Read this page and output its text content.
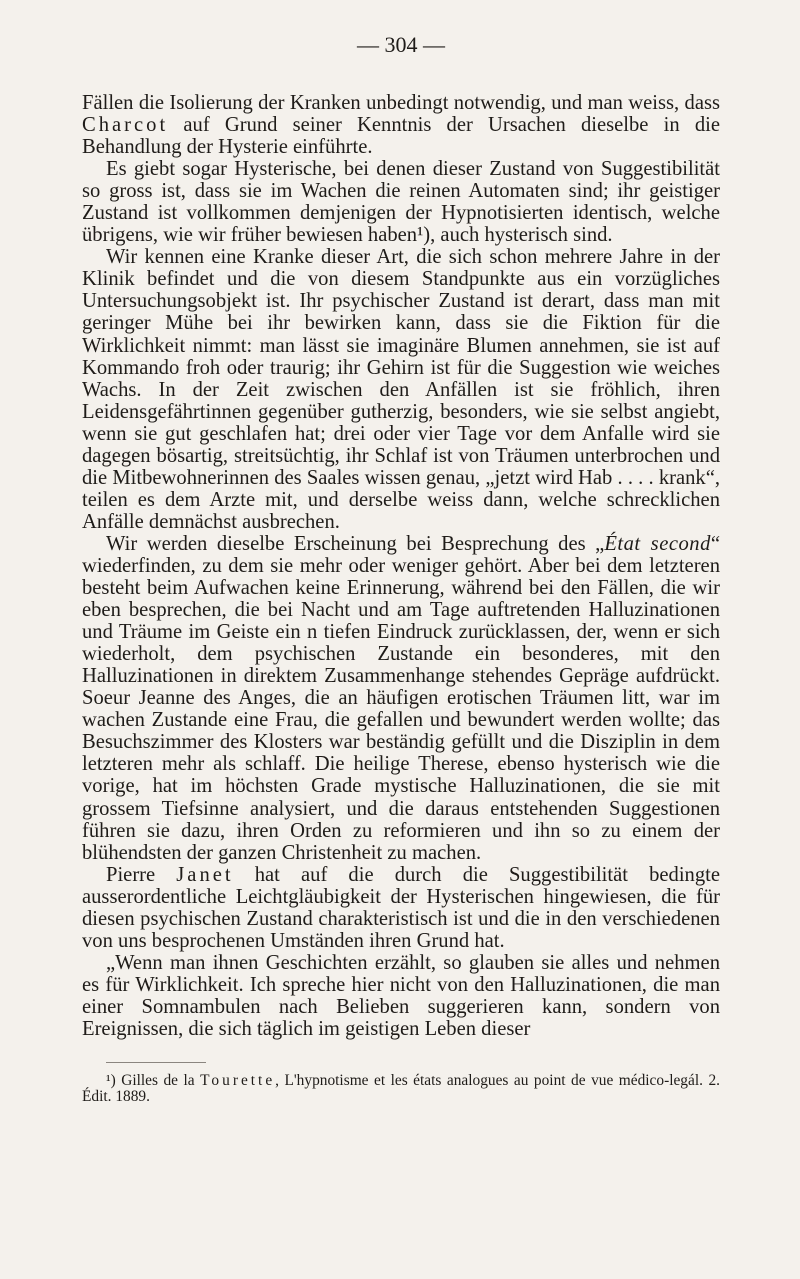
— 304 —

Fällen die Isolierung der Kranken unbedingt notwendig, und man weiss, dass Charcot auf Grund seiner Kenntnis der Ursachen dieselbe in die Behandlung der Hysterie einführte.

Es giebt sogar Hysterische, bei denen dieser Zustand von Suggestibilität so gross ist, dass sie im Wachen die reinen Automaten sind; ihr geistiger Zustand ist vollkommen demjenigen der Hypnotisierten identisch, welche übrigens, wie wir früher bewiesen haben¹), auch hysterisch sind.

Wir kennen eine Kranke dieser Art, die sich schon mehrere Jahre in der Klinik befindet und die von diesem Standpunkte aus ein vorzügliches Untersuchungsobjekt ist. Ihr psychischer Zustand ist derart, dass man mit geringer Mühe bei ihr bewirken kann, dass sie die Fiktion für die Wirklichkeit nimmt: man lässt sie imaginäre Blumen annehmen, sie ist auf Kommando froh oder traurig; ihr Gehirn ist für die Suggestion wie weiches Wachs. In der Zeit zwischen den Anfällen ist sie fröhlich, ihren Leidensgefährtinnen gegenüber gutherzig, besonders, wie sie selbst angiebt, wenn sie gut geschlafen hat; drei oder vier Tage vor dem Anfalle wird sie dagegen bösartig, streitsüchtig, ihr Schlaf ist von Träumen unterbrochen und die Mitbewohnerinnen des Saales wissen genau, „jetzt wird Hab . . . . krank“, teilen es dem Arzte mit, und derselbe weiss dann, welche schrecklichen Anfälle demnächst ausbrechen.

Wir werden dieselbe Erscheinung bei Besprechung des „État second“ wiederfinden, zu dem sie mehr oder weniger gehört. Aber bei dem letzteren besteht beim Aufwachen keine Erinnerung, während bei den Fällen, die wir eben besprechen, die bei Nacht und am Tage auftretenden Halluzinationen und Träume im Geiste ein n tiefen Eindruck zurücklassen, der, wenn er sich wiederholt, dem psychischen Zustande ein besonderes, mit den Halluzinationen in direktem Zusammenhange stehendes Gepräge aufdrückt. Soeur Jeanne des Anges, die an häufigen erotischen Träumen litt, war im wachen Zustande eine Frau, die gefallen und bewundert werden wollte; das Besuchszimmer des Klosters war beständig gefüllt und die Disziplin in dem letzteren mehr als schlaff. Die heilige Therese, ebenso hysterisch wie die vorige, hat im höchsten Grade mystische Halluzinationen, die sie mit grossem Tiefsinne analysiert, und die daraus entstehenden Suggestionen führen sie dazu, ihren Orden zu reformieren und ihn so zu einem der blühendsten der ganzen Christenheit zu machen.

Pierre Janet hat auf die durch die Suggestibilität bedingte ausserordentliche Leichtgläubigkeit der Hysterischen hingewiesen, die für diesen psychischen Zustand charakteristisch ist und die in den verschiedenen von uns besprochenen Umständen ihren Grund hat.

„Wenn man ihnen Geschichten erzählt, so glauben sie alles und nehmen es für Wirklichkeit. Ich spreche hier nicht von den Halluzinationen, die man einer Somnambulen nach Belieben suggerieren kann, sondern von Ereignissen, die sich täglich im geistigen Leben dieser

¹) Gilles de la Tourette, L'hypnotisme et les états analogues au point de vue médico-legál. 2. Édit. 1889.
